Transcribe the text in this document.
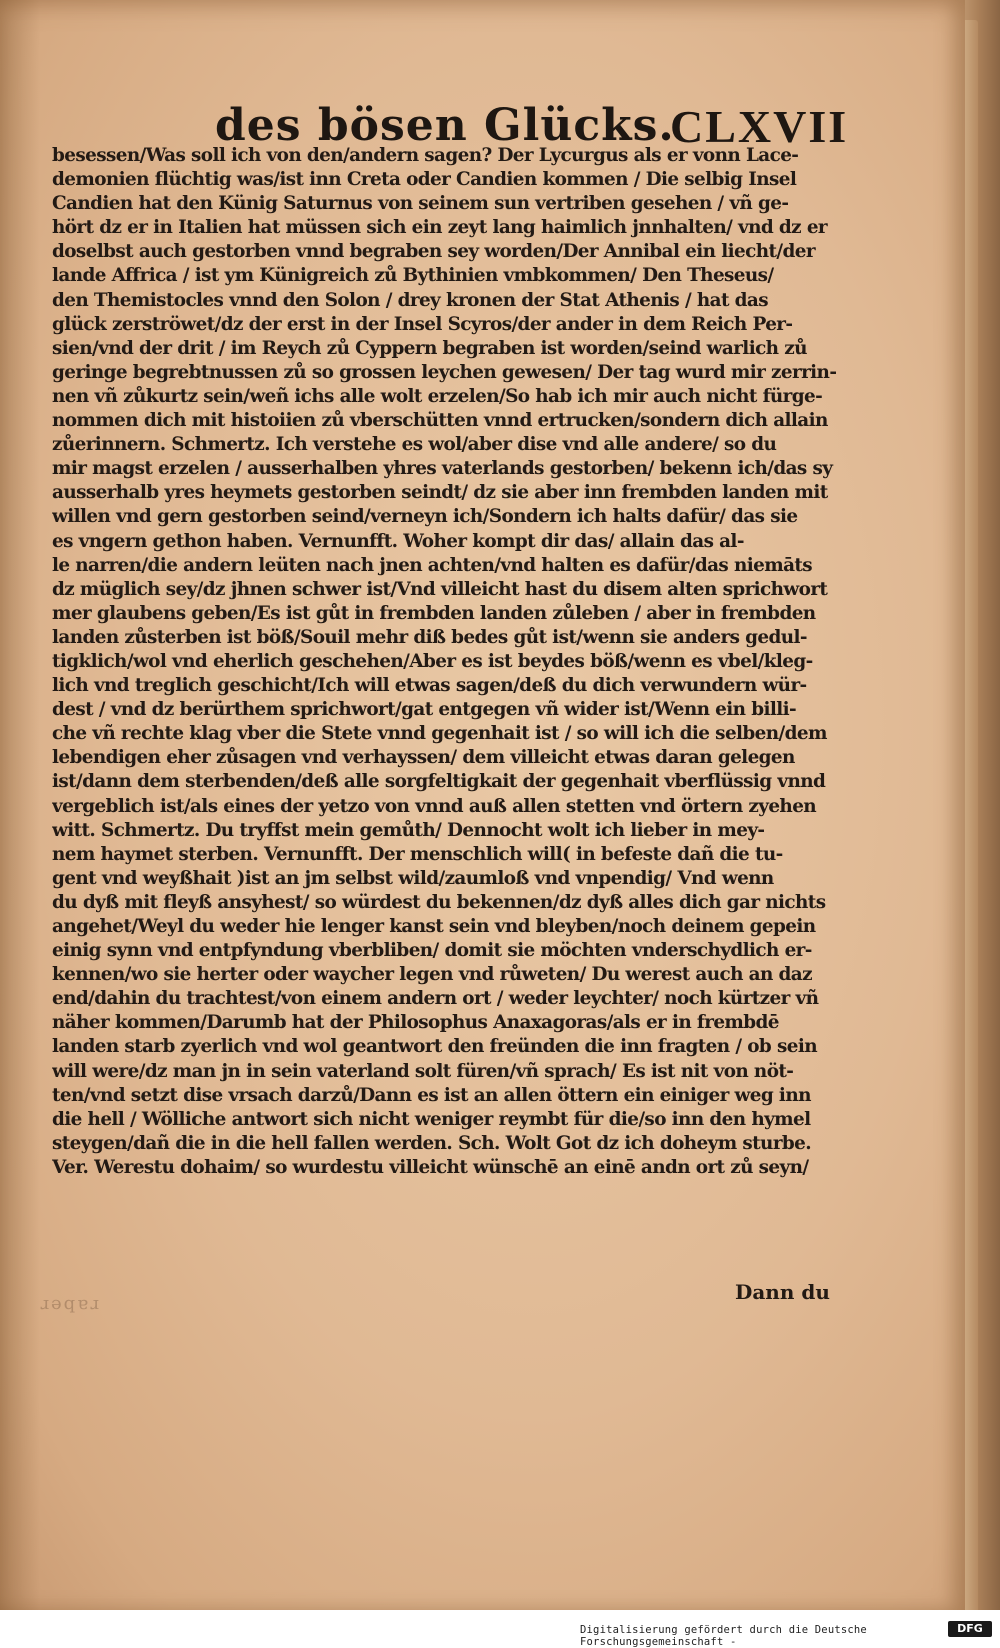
des bösen Glücks.
CLXVII
besessen/Was soll ich von den/andern sagen? Der Lycurgus als er vonn Lace-
demonien flüchtig was/ist inn Creta oder Candien kommen / Die selbig Insel
Candien hat den Künig Saturnus von seinem sun vertriben gesehen / vñ ge-
hört dz er in Italien hat müssen sich ein zeyt lang haimlich jnnhalten/ vnd dz er
doselbst auch gestorben vnnd begraben sey worden/Der Annibal ein liecht/der
lande Affrica / ist ym Künigreich zů Bythinien vmbkommen/ Den Theseus/
den Themistocles vnnd den Solon / drey kronen der Stat Athenis / hat das
glück zerströwet/dz der erst in der Insel Scyros/der ander in dem Reich Per-
sien/vnd der drit / im Reych zů Cyppern begraben ist worden/seind warlich zů
geringe begrebtnussen zů so grossen leychen gewesen/ Der tag wurd mir zerrin-
nen vñ zůkurtz sein/weñ ichs alle wolt erzelen/So hab ich mir auch nicht fürge-
nommen dich mit histoiien zů vberschütten vnnd ertrucken/sondern dich allain
zůerinnern. Schmertz. Ich verstehe es wol/aber dise vnd alle andere/ so du
mir magst erzelen / ausserhalben yhres vaterlands gestorben/ bekenn ich/das sy
ausserhalb yres heymets gestorben seindt/ dz sie aber inn frembden landen mit
willen vnd gern gestorben seind/verneyn ich/Sondern ich halts dafür/ das sie
es vngern gethon haben. Vernunfft. Woher kompt dir das/ allain das al-
le narren/die andern leüten nach jnen achten/vnd halten es dafür/das niemāts
dz müglich sey/dz jhnen schwer ist/Vnd villeicht hast du disem alten sprichwort
mer glaubens geben/Es ist gůt in frembden landen zůleben / aber in frembden
landen zůsterben ist böß/Souil mehr diß bedes gůt ist/wenn sie anders gedul-
tigklich/wol vnd eherlich geschehen/Aber es ist beydes böß/wenn es vbel/kleg-
lich vnd treglich geschicht/Ich will etwas sagen/deß du dich verwundern wür-
dest / vnd dz berürthem sprichwort/gat entgegen vñ wider ist/Wenn ein billi-
che vñ rechte klag vber die Stete vnnd gegenhait ist / so will ich die selben/dem
lebendigen eher zůsagen vnd verhayssen/ dem villeicht etwas daran gelegen
ist/dann dem sterbenden/deß alle sorgfeltigkait der gegenhait vberflüssig vnnd
vergeblich ist/als eines der yetzo von vnnd auß allen stetten vnd örtern zyehen
witt. Schmertz. Du tryffst mein gemůth/ Dennocht wolt ich lieber in mey-
nem haymet sterben. Vernunfft. Der menschlich will( in befeste dañ die tu-
gent vnd weyßhait )ist an jm selbst wild/zaumloß vnd vnpendig/ Vnd wenn
du dyß mit fleyß ansyhest/ so würdest du bekennen/dz dyß alles dich gar nichts
angehet/Weyl du weder hie lenger kanst sein vnd bleyben/noch deinem gepein
einig synn vnd entpfyndung vberbliben/ domit sie möchten vnderschydlich er-
kennen/wo sie herter oder waycher legen vnd růweten/ Du werest auch an daz
end/dahin du trachtest/von einem andern ort / weder leychter/ noch kürtzer vñ
näher kommen/Darumb hat der Philosophus Anaxagoras/als er in frembdē
landen starb zyerlich vnd wol geantwort den freünden die inn fragten / ob sein
will were/dz man jn in sein vaterland solt füren/vñ sprach/ Es ist nit von nöt-
ten/vnd setzt dise vrsach darzů/Dann es ist an allen öttern ein einiger weg inn
die hell / Wölliche antwort sich nicht weniger reymbt für die/so inn den hymel
steygen/dañ die in die hell fallen werden. Sch. Wolt Got dz ich doheym sturbe.
Ver. Werestu dohaim/ so wurdestu villeicht wünschē an einē andn ort zů seyn/
Dann du
ɹǝqɐɹ
Digitalisierung gefördert durch die Deutsche Forschungsgemeinschaft -
DFG
